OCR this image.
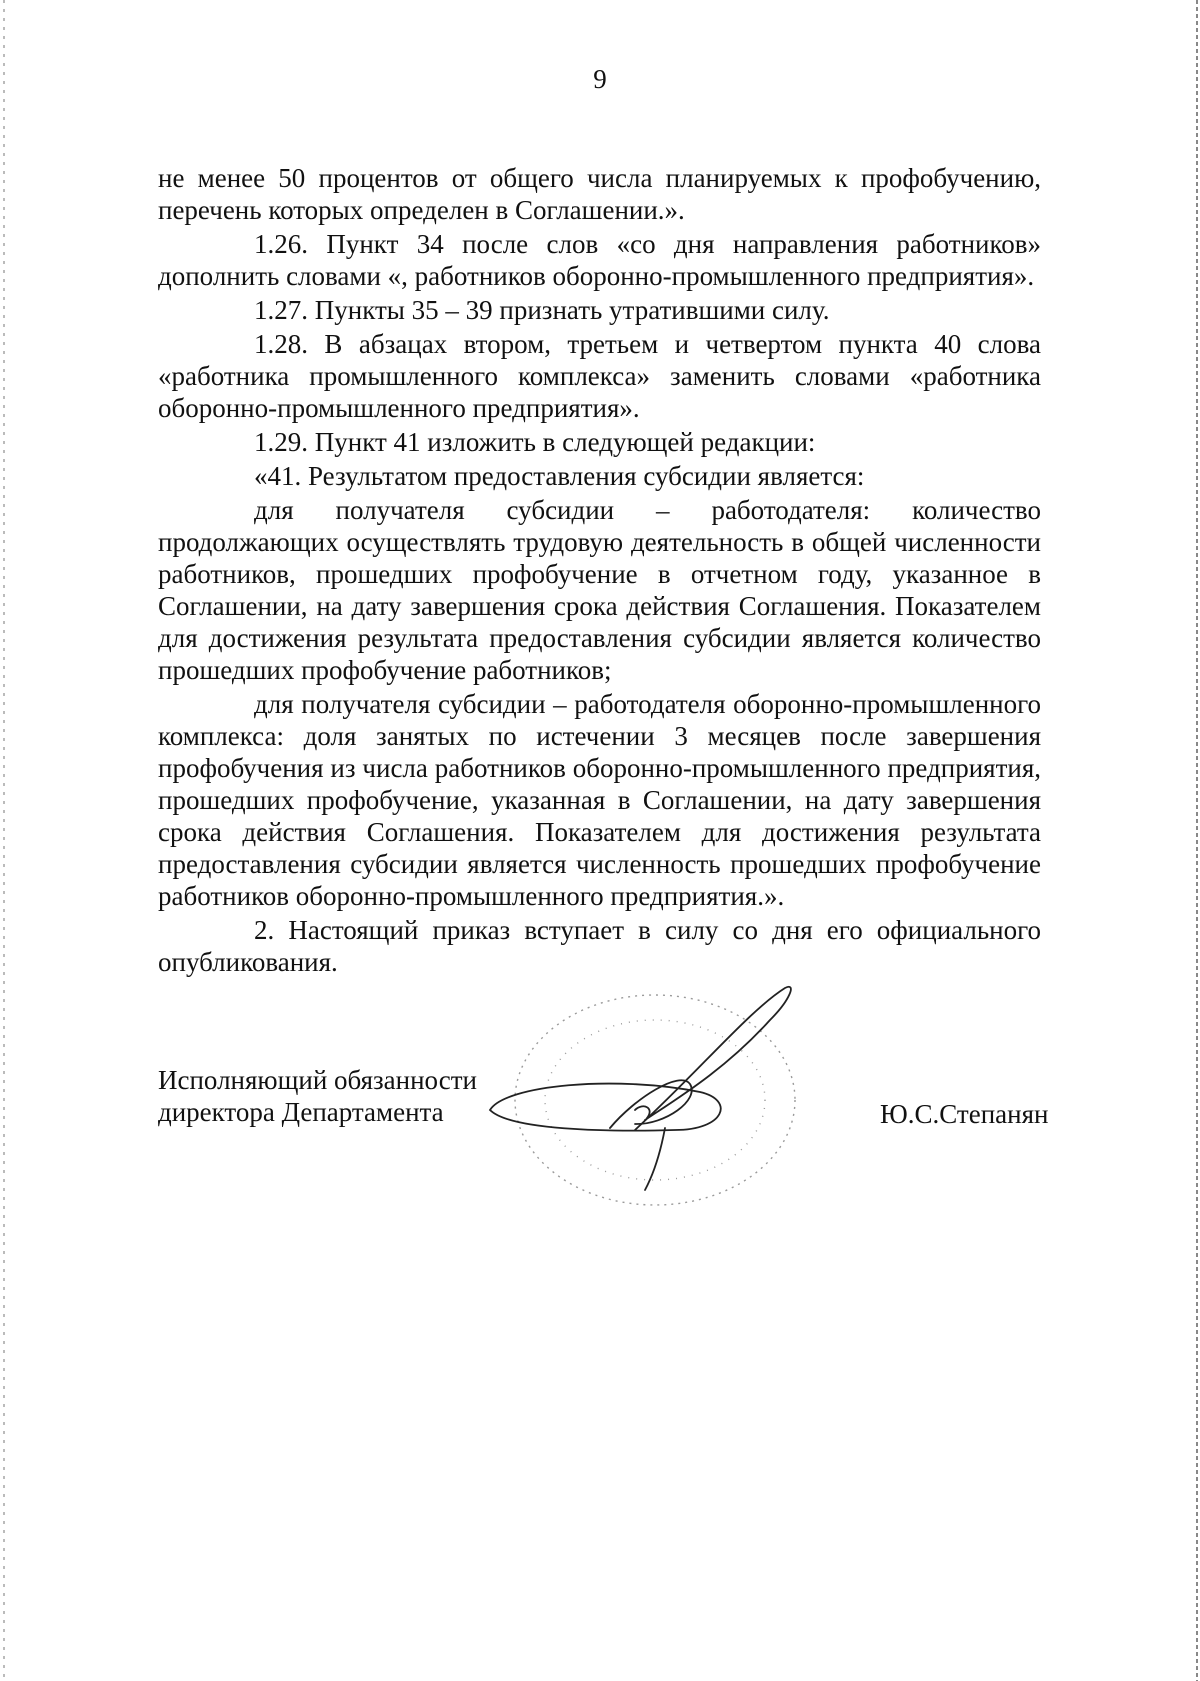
9

не менее 50 процентов от общего числа планируемых к профобучению, перечень которых определен в Соглашении.».

1.26. Пункт 34 после слов «со дня направления работников» дополнить словами «, работников оборонно-промышленного предприятия».

1.27. Пункты 35 – 39 признать утратившими силу.

1.28. В абзацах втором, третьем и четвертом пункта 40 слова «работника промышленного комплекса» заменить словами «работника оборонно-промышленного предприятия».

1.29. Пункт 41 изложить в следующей редакции:

«41. Результатом предоставления субсидии является:

для получателя субсидии – работодателя: количество продолжающих осуществлять трудовую деятельность в общей численности работников, прошедших профобучение в отчетном году, указанное в Соглашении, на дату завершения срока действия Соглашения. Показателем для достижения результата предоставления субсидии является количество прошедших профобучение работников;

для получателя субсидии – работодателя оборонно-промышленного комплекса: доля занятых по истечении 3 месяцев после завершения профобучения из числа работников оборонно-промышленного предприятия, прошедших профобучение, указанная в Соглашении, на дату завершения срока действия Соглашения. Показателем для достижения результата предоставления субсидии является численность прошедших профобучение работников оборонно-промышленного предприятия.».

2. Настоящий приказ вступает в силу со дня его официального опубликования.

Исполняющий обязанности
директора Департамента	Ю.С.Степанян
